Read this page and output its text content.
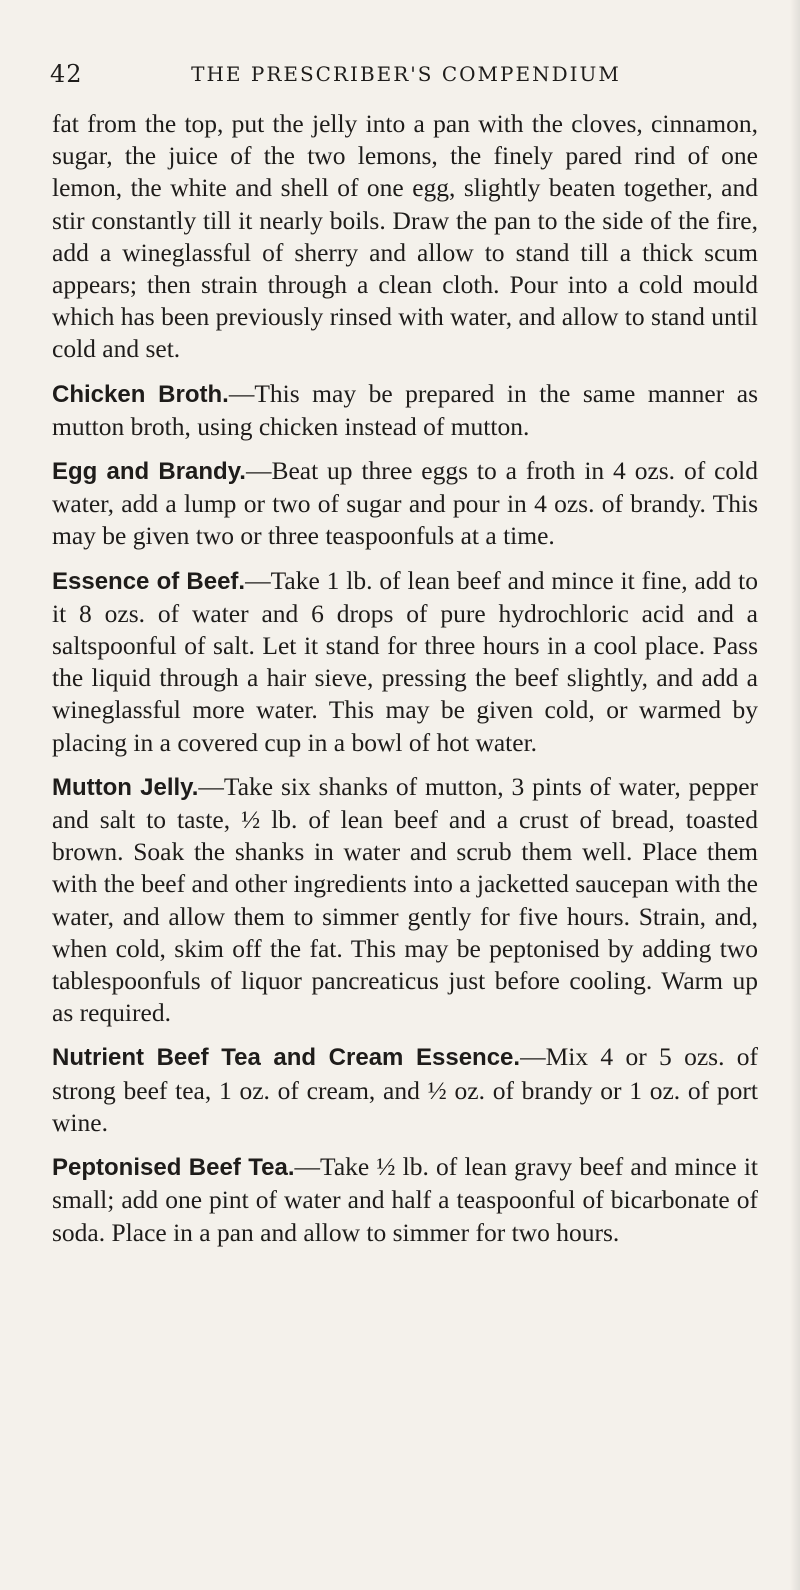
42	THE PRESCRIBER'S COMPENDIUM

fat from the top, put the jelly into a pan with the cloves, cinnamon, sugar, the juice of the two lemons, the finely pared rind of one lemon, the white and shell of one egg, slightly beaten together, and stir constantly till it nearly boils. Draw the pan to the side of the fire, add a wineglassful of sherry and allow to stand till a thick scum appears; then strain through a clean cloth. Pour into a cold mould which has been previously rinsed with water, and allow to stand until cold and set.

Chicken Broth.—This may be prepared in the same manner as mutton broth, using chicken instead of mutton.

Egg and Brandy.—Beat up three eggs to a froth in 4 ozs. of cold water, add a lump or two of sugar and pour in 4 ozs. of brandy. This may be given two or three teaspoonfuls at a time.

Essence of Beef.—Take 1 lb. of lean beef and mince it fine, add to it 8 ozs. of water and 6 drops of pure hydrochloric acid and a saltspoonful of salt. Let it stand for three hours in a cool place. Pass the liquid through a hair sieve, pressing the beef slightly, and add a wineglassful more water. This may be given cold, or warmed by placing in a covered cup in a bowl of hot water.

Mutton Jelly.—Take six shanks of mutton, 3 pints of water, pepper and salt to taste, ½ lb. of lean beef and a crust of bread, toasted brown. Soak the shanks in water and scrub them well. Place them with the beef and other ingredients into a jacketted saucepan with the water, and allow them to simmer gently for five hours. Strain, and, when cold, skim off the fat. This may be peptonised by adding two tablespoonfuls of liquor pancreaticus just before cooling. Warm up as required.

Nutrient Beef Tea and Cream Essence.—Mix 4 or 5 ozs. of strong beef tea, 1 oz. of cream, and ½ oz. of brandy or 1 oz. of port wine.

Peptonised Beef Tea.—Take ½ lb. of lean gravy beef and mince it small; add one pint of water and half a teaspoonful of bicarbonate of soda. Place in a pan and allow to simmer for two hours.
